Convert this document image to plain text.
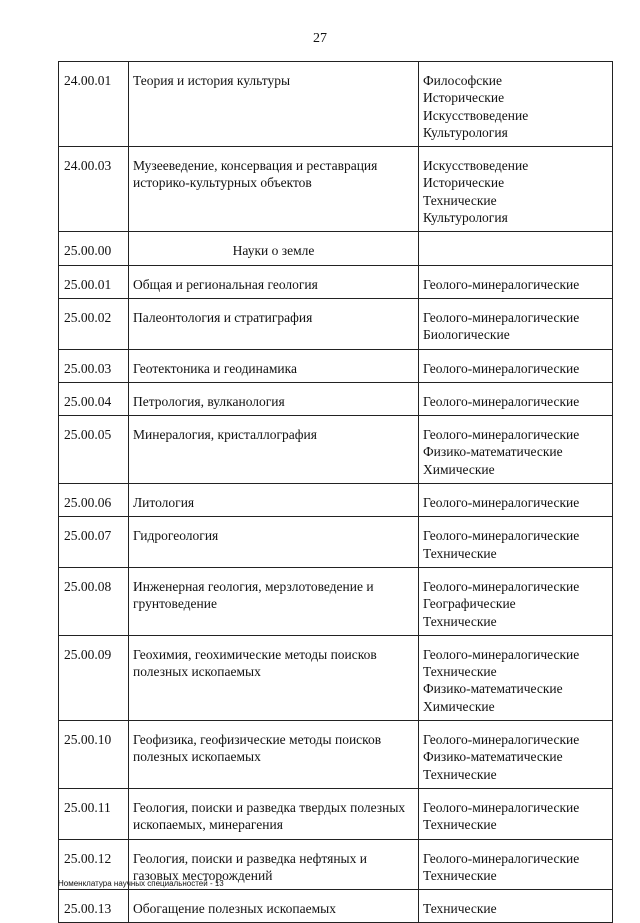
27
24.00.01	Теория и история культуры	Философские
Исторические
Искусствоведение
Культурология

24.00.03	Музееведение, консервация и реставрация историко-культурных объектов	Искусствоведение
Исторические
Технические
Культурология

25.00.00	Науки о земле	
25.00.01	Общая и региональная геология	Геолого-минералогические

25.00.02	Палеонтология и стратиграфия	Геолого-минералогические
Биологические

25.00.03	Геотектоника и геодинамика	Геолого-минералогические

25.00.04	Петрология, вулканология	Геолого-минералогические

25.00.05	Минералогия, кристаллография	Геолого-минералогические
Физико-математические
Химические

25.00.06	Литология	Геолого-минералогические

25.00.07	Гидрогеология	Геолого-минералогические
Технические

25.00.08	Инженерная геология, мерзлотоведение и грунтоведение	Геолого-минералогические
Географические
Технические

25.00.09	Геохимия, геохимические методы поисков полезных ископаемых	Геолого-минералогические
Технические
Физико-математические
Химические

25.00.10	Геофизика, геофизические методы поисков полезных ископаемых	Геолого-минералогические
Физико-математические
Технические

25.00.11	Геология, поиски и разведка твердых полезных ископаемых, минерагения	Геолого-минералогические
Технические

25.00.12	Геология, поиски и разведка нефтяных и газовых месторождений	Геолого-минералогические
Технические

25.00.13	Обогащение полезных ископаемых	Технические
Номенклатура научных специальностей - 13
